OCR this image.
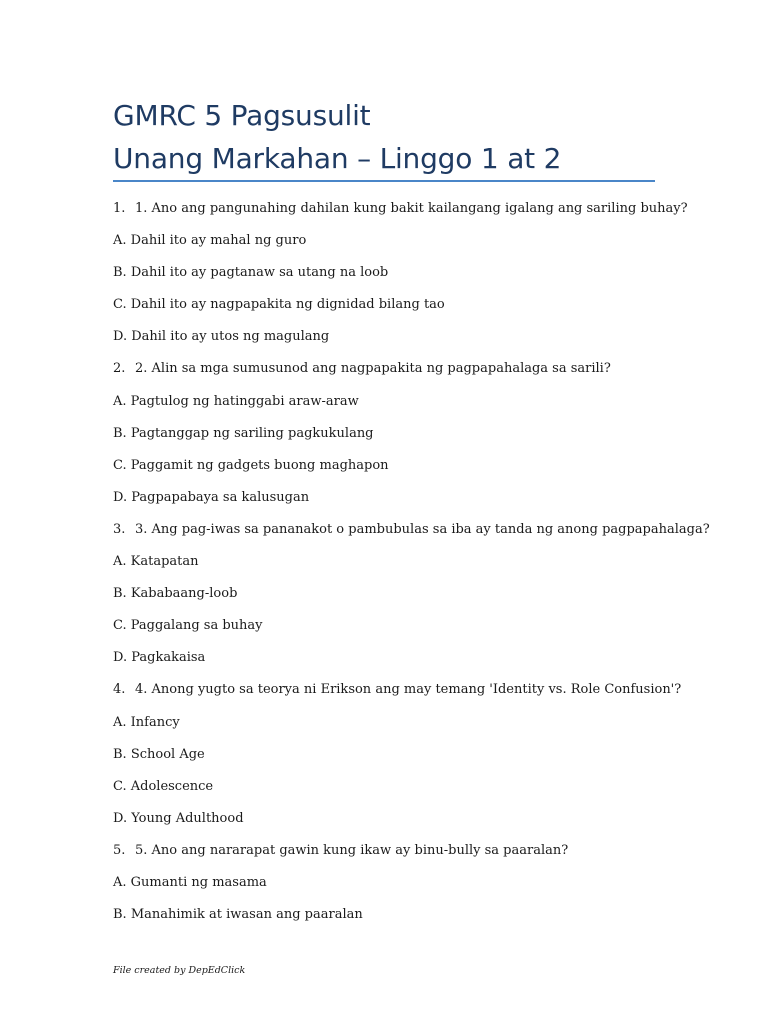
GMRC 5 Pagsusulit
Unang Markahan – Linggo 1 at 2
1. 1. Ano ang pangunahing dahilan kung bakit kailangang igalang ang sariling buhay?
A. Dahil ito ay mahal ng guro
B. Dahil ito ay pagtanaw sa utang na loob
C. Dahil ito ay nagpapakita ng dignidad bilang tao
D. Dahil ito ay utos ng magulang
2. 2. Alin sa mga sumusunod ang nagpapakita ng pagpapahalaga sa sarili?
A. Pagtulog ng hatinggabi araw-araw
B. Pagtanggap ng sariling pagkukulang
C. Paggamit ng gadgets buong maghapon
D. Pagpapabaya sa kalusugan
3. 3. Ang pag-iwas sa pananakot o pambubulas sa iba ay tanda ng anong pagpapahalaga?
A. Katapatan
B. Kababaang-loob
C. Paggalang sa buhay
D. Pagkakaisa
4. 4. Anong yugto sa teorya ni Erikson ang may temang 'Identity vs. Role Confusion'?
A. Infancy
B. School Age
C. Adolescence
D. Young Adulthood
5. 5. Ano ang nararapat gawin kung ikaw ay binu-bully sa paaralan?
A. Gumanti ng masama
B. Manahimik at iwasan ang paaralan
File created by DepEdClick
